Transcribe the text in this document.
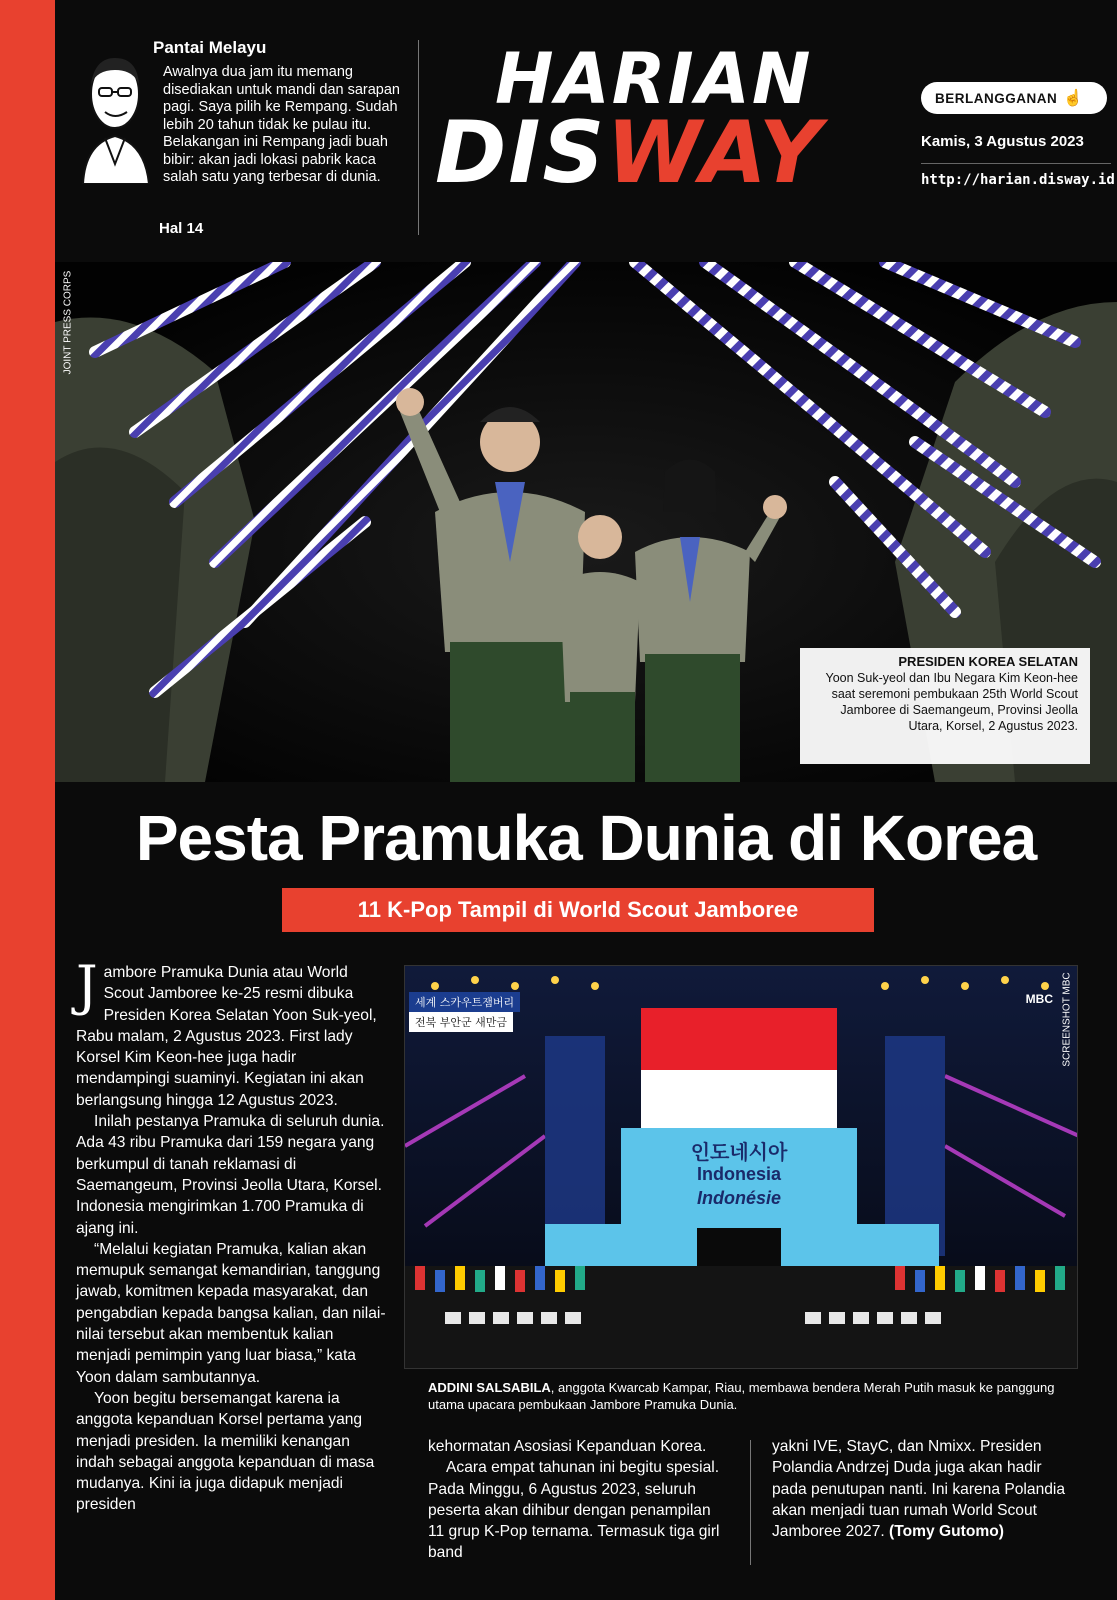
Pantai Melayu
Awalnya dua jam itu memang disediakan untuk mandi dan sarapan pagi. Saya pilih ke Rempang. Sudah lebih 20 tahun tidak ke pulau itu. Belakangan ini Rempang jadi buah bibir: akan jadi lokasi pabrik kaca salah satu yang terbesar di dunia.
Hal 14
HARIAN
DISWAY
BERLANGGANAN ☝
Kamis, 3 Agustus 2023
http://harian.disway.id
JOINT PRESS CORPS
PRESIDEN KOREA SELATAN
Yoon Suk-yeol dan Ibu Negara Kim Keon-hee saat seremoni pembukaan 25th World Scout Jamboree di Saemangeum, Provinsi Jeolla Utara, Korsel, 2 Agustus 2023.
Pesta Pramuka Dunia di Korea
11 K-Pop Tampil di World Scout Jamboree

Jambore Pramuka Dunia atau World Scout Jamboree ke-25 resmi dibuka Presiden Korea Selatan Yoon Suk-yeol, Rabu malam, 2 Agustus 2023. First lady Korsel Kim Keon-hee juga hadir mendampingi suaminyi. Kegiatan ini akan berlangsung hingga 12 Agustus 2023.

Inilah pestanya Pramuka di seluruh dunia. Ada 43 ribu Pramuka dari 159 negara yang berkumpul di tanah reklamasi di Saemangeum, Provinsi Jeolla Utara, Korsel. Indonesia mengirimkan 1.700 Pramuka di ajang ini.

“Melalui kegiatan Pramuka, kalian akan memupuk semangat kemandirian, tanggung jawab, komitmen kepada masyarakat, dan pengabdian kepada bangsa kalian, dan nilai-nilai tersebut akan membentuk kalian menjadi pemimpin yang luar biasa,” kata Yoon dalam sambutannya.

Yoon begitu bersemangat karena ia anggota kepanduan Korsel pertama yang menjadi presiden. Ia memiliki kenangan indah sebagai anggota kepanduan di masa mudanya. Kini ia juga didapuk menjadi presiden

세계 스카우트잼버리
전북 부안군 새만금
MBC
인도네시아
Indonesia
Indonésie
SCREENSHOT MBC
ADDINI SALSABILA, anggota Kwarcab Kampar, Riau, membawa bendera Merah Putih masuk ke panggung utama upacara pembukaan Jambore Pramuka Dunia.

kehormatan Asosiasi Kepanduan Korea.

Acara empat tahunan ini begitu spesial. Pada Minggu, 6 Agustus 2023, seluruh peserta akan dihibur dengan penampilan 11 grup K-Pop ternama. Termasuk tiga girl band

yakni IVE, StayC, dan Nmixx. Presiden Polandia Andrzej Duda juga akan hadir pada penutupan nanti. Ini karena Polandia akan menjadi tuan rumah World Scout Jamboree 2027. (Tomy Gutomo)
